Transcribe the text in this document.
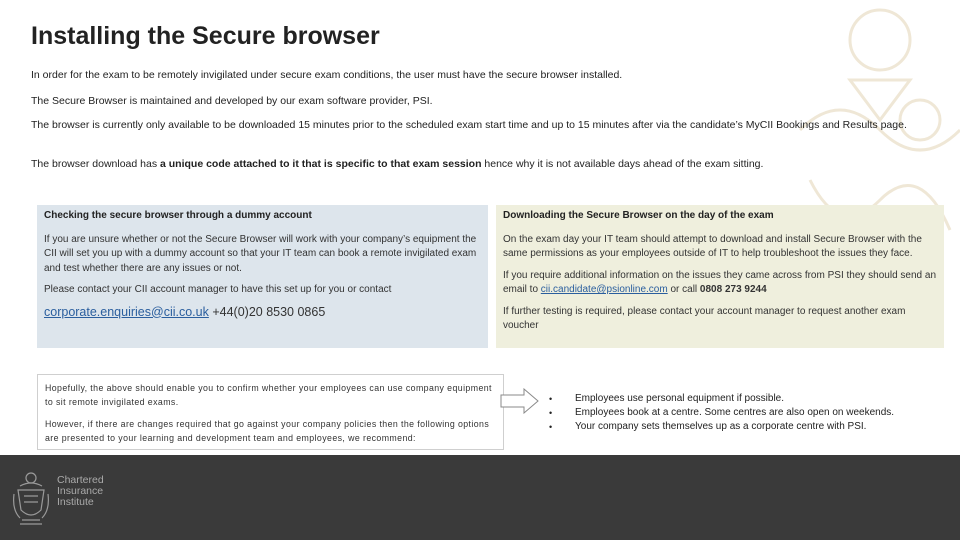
Installing the Secure browser

In order for the exam to be remotely invigilated under secure exam conditions, the user must have the secure browser installed.

The Secure Browser is maintained and developed by our exam software provider, PSI.

The browser is currently only available to be downloaded 15 minutes prior to the scheduled exam start time and up to 15 minutes after via the candidate’s MyCII Bookings and Results page.

The browser download has a unique code attached to it that is specific to that exam session hence why it is not available days ahead of the exam sitting.

Checking the secure browser through a dummy account

If you are unsure whether or not the Secure Browser will work with your company’s equipment the CII will set you up with a dummy account so that your IT team can book a remote invigilated exam and test whether there are any issues or not.

Please contact your CII account manager to have this set up for you or contact

corporate.enquiries@cii.co.uk +44(0)20 8530 0865
Downloading the Secure Browser on the day of the exam

On the exam day your IT team should attempt to download and install Secure Browser with the same permissions as your employees outside of IT to help troubleshoot the issues they face.

If you require additional information on the issues they came across from PSI they should send an email to cii.candidate@psionline.com or call 0808 273 9244

If further testing is required, please contact your account manager to request another exam voucher

Hopefully, the above should enable you to confirm whether your employees can use company equipment to sit remote invigilated exams.

However, if there are changes required that go against your company policies then the following options are presented to your learning and development team and employees, we recommend:

• Employees use personal equipment if possible.
• Employees book at a centre. Some centres are also open on weekends.
• Your company sets themselves up as a corporate centre with PSI.
Chartered
Insurance
Institute
